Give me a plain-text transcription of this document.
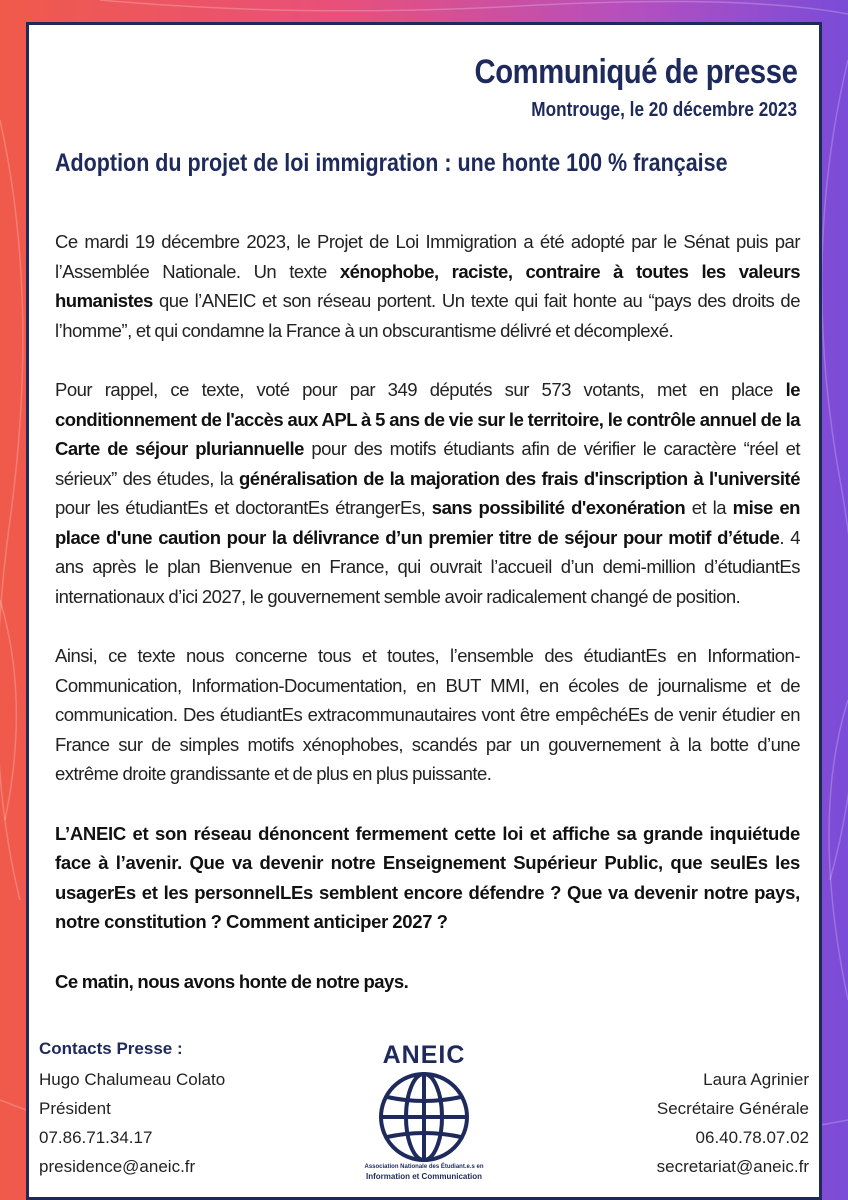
Communiqué de presse
Montrouge, le 20 décembre 2023
Adoption du projet de loi immigration : une honte 100 % française

Ce mardi 19 décembre 2023, le Projet de Loi Immigration a été adopté par le Sénat puis par l’Assemblée Nationale. Un texte xénophobe, raciste, contraire à toutes les valeurs humanistes que l’ANEIC et son réseau portent. Un texte qui fait honte au “pays des droits de l’homme”, et qui condamne la France à un obscurantisme délivré et décomplexé.

Pour rappel, ce texte, voté pour par 349 députés sur 573 votants, met en place le conditionnement de l'accès aux APL à 5 ans de vie sur le territoire, le contrôle annuel de la Carte de séjour pluriannuelle pour des motifs étudiants afin de vérifier le caractère “réel et sérieux” des études, la généralisation de la majoration des frais d'inscription à l'université pour les étudiantEs et doctorantEs étrangerEs, sans possibilité d'exonération et la mise en place d'une caution pour la délivrance d’un premier titre de séjour pour motif d’étude. 4 ans après le plan Bienvenue en France, qui ouvrait l’accueil d’un demi-million d’étudiantEs internationaux d’ici 2027, le gouvernement semble avoir radicalement changé de position.

Ainsi, ce texte nous concerne tous et toutes, l’ensemble des étudiantEs en Information-Communication, Information-Documentation, en BUT MMI, en écoles de journalisme et de communication. Des étudiantEs extracommunautaires vont être empêchéEs de venir étudier en France sur de simples motifs xénophobes, scandés par un gouvernement à la botte d’une extrême droite grandissante et de plus en plus puissante.

L’ANEIC et son réseau dénoncent fermement cette loi et affiche sa grande inquiétude face à l’avenir. Que va devenir notre Enseignement Supérieur Public, que seulEs les usagerEs et les personnelLEs semblent encore défendre ? Que va devenir notre pays, notre constitution ? Comment anticiper 2027 ?

Ce matin, nous avons honte de notre pays.

Contacts Presse :
Hugo Chalumeau Colato
Président
07.86.71.34.17
presidence@aneic.fr
ANEIC
Association Nationale des Étudiant.e.s en
Information et Communication
Laura Agrinier
Secrétaire Générale
06.40.78.07.02
secretariat@aneic.fr
